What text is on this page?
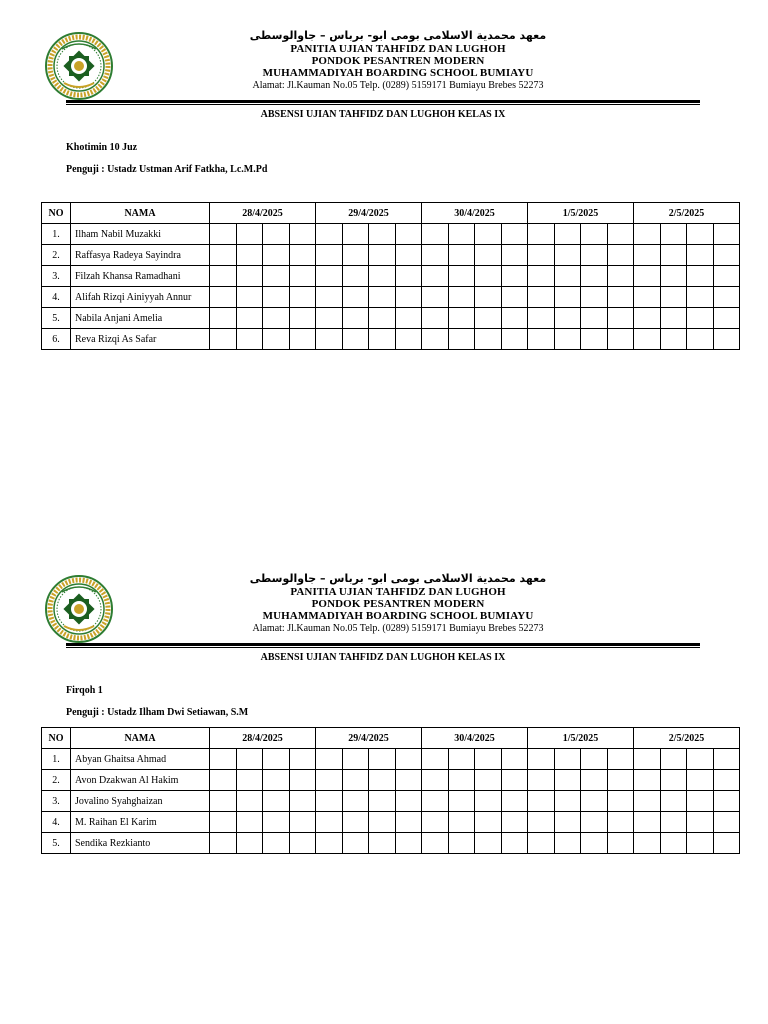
معهد محمدية الاسلامى بومى ابو- برباس – جاوالوسطى
PANITIA UJIAN TAHFIDZ DAN LUGHOH
PONDOK PESANTREN MODERN
MUHAMMADIYAH BOARDING SCHOOL BUMIAYU
Alamat: Jl.Kauman No.05 Telp. (0289) 5159171 Bumiayu Brebes 52273
ABSENSI UJIAN TAHFIDZ DAN LUGHOH KELAS IX
Khotimin 10 Juz
Penguji : Ustadz Ustman Arif Fatkha, Lc.M.Pd
NO	NAMA	28/4/2025				29/4/2025				30/4/2025				1/5/2025				2/5/2025			
1.	Ilham Nabil Muzakki																				
2.	Raffasya Radeya Sayindra																				
3.	Filzah Khansa Ramadhani																				
4.	Alifah Rizqi Ainiyyah Annur																				
5.	Nabila Anjani Amelia																				
6.	Reva Rizqi As Safar																				
معهد محمدية الاسلامى بومى ابو- برباس – جاوالوسطى
PANITIA UJIAN TAHFIDZ DAN LUGHOH
PONDOK PESANTREN MODERN
MUHAMMADIYAH BOARDING SCHOOL BUMIAYU
Alamat: Jl.Kauman No.05 Telp. (0289) 5159171 Bumiayu Brebes 52273
ABSENSI UJIAN TAHFIDZ DAN LUGHOH KELAS IX
Firqoh 1
Penguji : Ustadz Ilham Dwi Setiawan, S.M
NO	NAMA	28/4/2025				29/4/2025				30/4/2025				1/5/2025				2/5/2025			
1.	Abyan Ghaitsa Ahmad																				
2.	Avon Dzakwan Al Hakim																				
3.	Jovalino Syahghaizan																				
4.	M. Raihan El Karim																				
5.	Sendika Rezkianto																				
